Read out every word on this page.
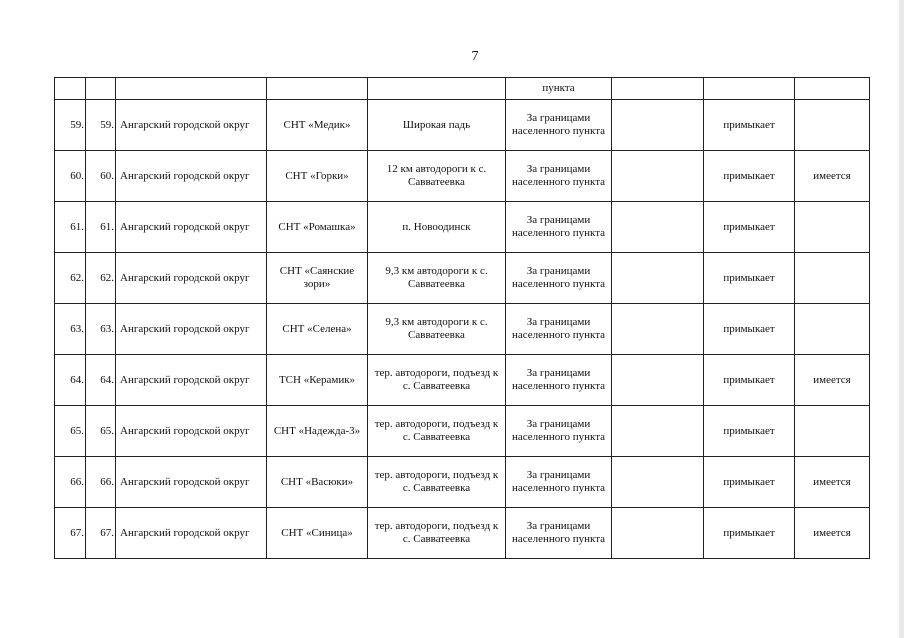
7
					пункта			
59.	59.	Ангарский городской округ	СНТ «Медик»	Широкая падь	За границами населенного пункта		примыкает	
60.	60.	Ангарский городской округ	СНТ «Горки»	12 км автодороги к с. Савватеевка	За границами населенного пункта		примыкает	имеется
61.	61.	Ангарский городской округ	СНТ «Ромашка»	п. Новоодинск	За границами населенного пункта		примыкает	
62.	62.	Ангарский городской округ	СНТ «Саянские зори»	9,3 км автодороги к с. Савватеевка	За границами населенного пункта		примыкает	
63.	63.	Ангарский городской округ	СНТ «Селена»	9,3 км автодороги к с. Савватеевка	За границами населенного пункта		примыкает	
64.	64.	Ангарский городской округ	ТСН «Керамик»	тер. автодороги, подъезд к с. Савватеевка	За границами населенного пункта		примыкает	имеется
65.	65.	Ангарский городской округ	СНТ «Надежда-3»	тер. автодороги, подъезд к с. Савватеевка	За границами населенного пункта		примыкает	
66.	66.	Ангарский городской округ	СНТ «Васюки»	тер. автодороги, подъезд к с. Савватеевка	За границами населенного пункта		примыкает	имеется
67.	67.	Ангарский городской округ	СНТ «Синица»	тер. автодороги, подъезд к с. Савватеевка	За границами населенного пункта		примыкает	имеется
